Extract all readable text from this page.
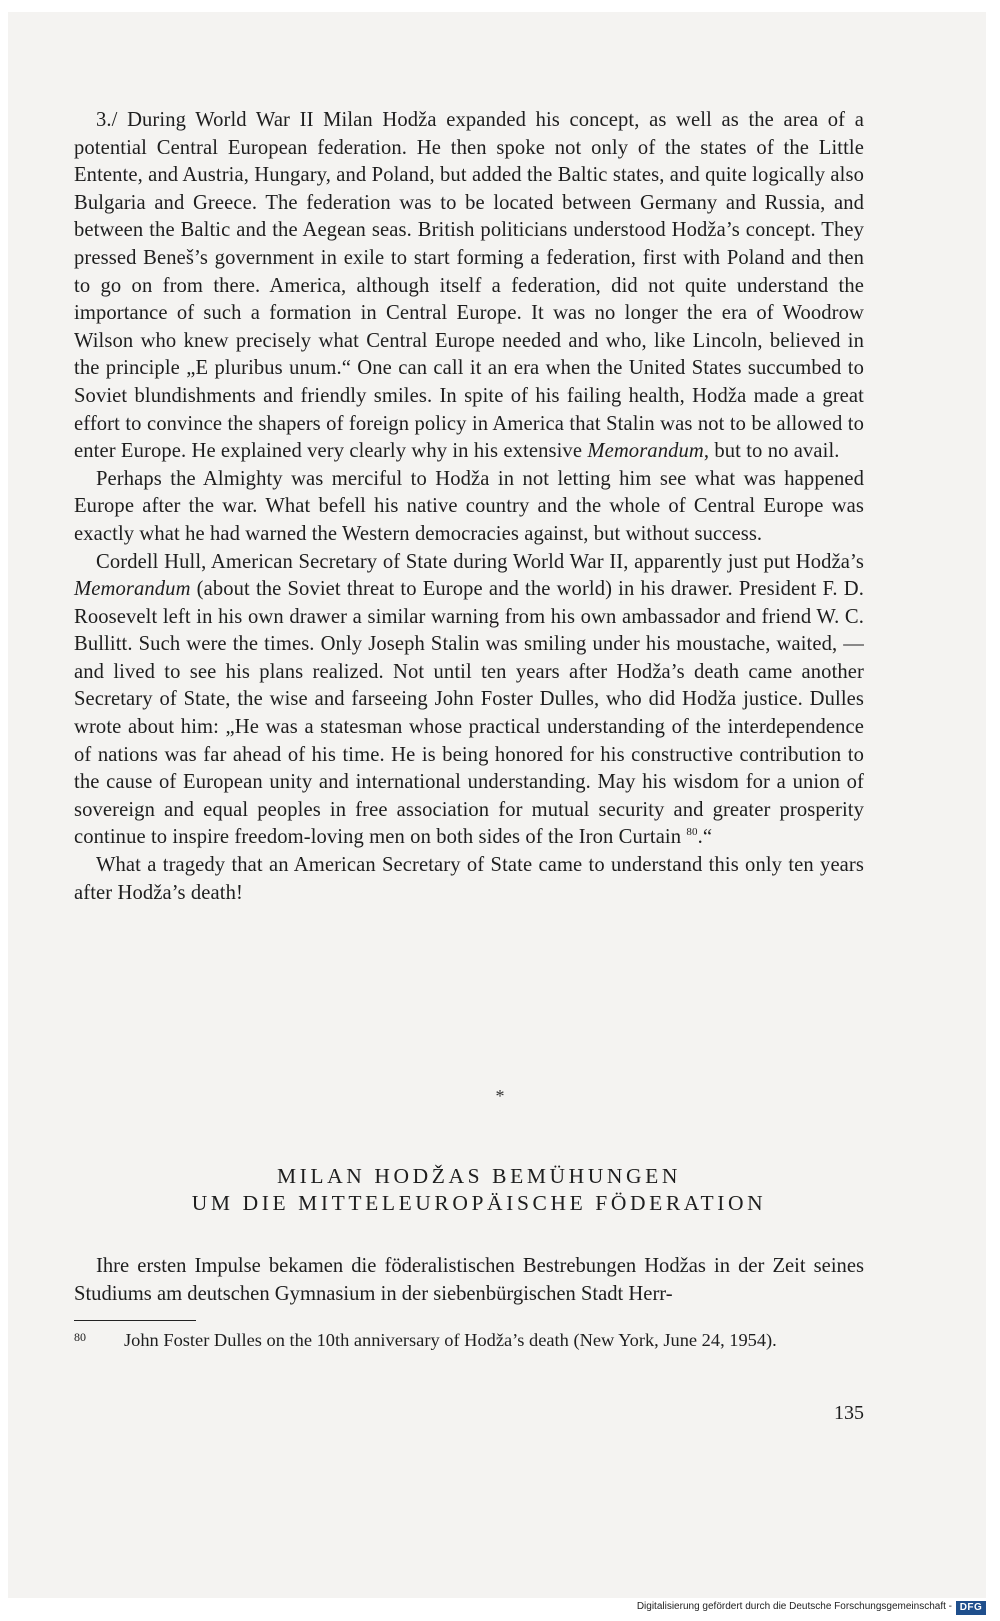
3./ During World War II Milan Hodža expanded his concept, as well as the area of a potential Central European federation. He then spoke not only of the states of the Little Entente, and Austria, Hungary, and Poland, but added the Baltic states, and quite logically also Bulgaria and Greece. The federation was to be located between Germany and Russia, and between the Baltic and the Aegean seas. British politicians understood Hodža’s concept. They pressed Beneš’s government in exile to start forming a federation, first with Poland and then to go on from there. America, although itself a federation, did not quite understand the importance of such a formation in Central Europe. It was no longer the era of Woodrow Wilson who knew precisely what Central Europe needed and who, like Lincoln, believed in the principle „E pluribus unum.“ One can call it an era when the United States succumbed to Soviet blundishments and friendly smiles. In spite of his failing health, Hodža made a great effort to convince the shapers of foreign policy in America that Stalin was not to be allowed to enter Europe. He explained very clearly why in his extensive Memorandum, but to no avail.

Perhaps the Almighty was merciful to Hodža in not letting him see what was happened Europe after the war. What befell his native country and the whole of Central Europe was exactly what he had warned the Western democracies against, but without success.

Cordell Hull, American Secretary of State during World War II, apparently just put Hodža’s Memorandum (about the Soviet threat to Europe and the world) in his drawer. President F. D. Roosevelt left in his own drawer a similar warning from his own ambassador and friend W. C. Bullitt. Such were the times. Only Joseph Stalin was smiling under his moustache, waited, — and lived to see his plans realized. Not until ten years after Hodža’s death came another Secretary of State, the wise and farseeing John Foster Dulles, who did Hodža justice. Dulles wrote about him: „He was a statesman whose practical understanding of the interdependence of nations was far ahead of his time. He is being honored for his constructive contribution to the cause of European unity and international understanding. May his wisdom for a union of sovereign and equal peoples in free association for mutual security and greater prosperity continue to inspire freedom-loving men on both sides of the Iron Curtain $^{80}$.“

What a tragedy that an American Secretary of State came to understand this only ten years after Hodža’s death!

*
MILAN HODŽAS BEMÜHUNGEN
UM DIE MITTELEUROPÄISCHE FÖDERATION
Ihre ersten Impulse bekamen die föderalistischen Bestrebungen Hodžas in der Zeit seines Studiums am deutschen Gymnasium in der siebenbürgischen Stadt Herr-
80 John Foster Dulles on the 10th anniversary of Hodža’s death (New York, June 24, 1954).
135
Digitalisierung gefördert durch die Deutsche Forschungsgemeinschaft - DFG
